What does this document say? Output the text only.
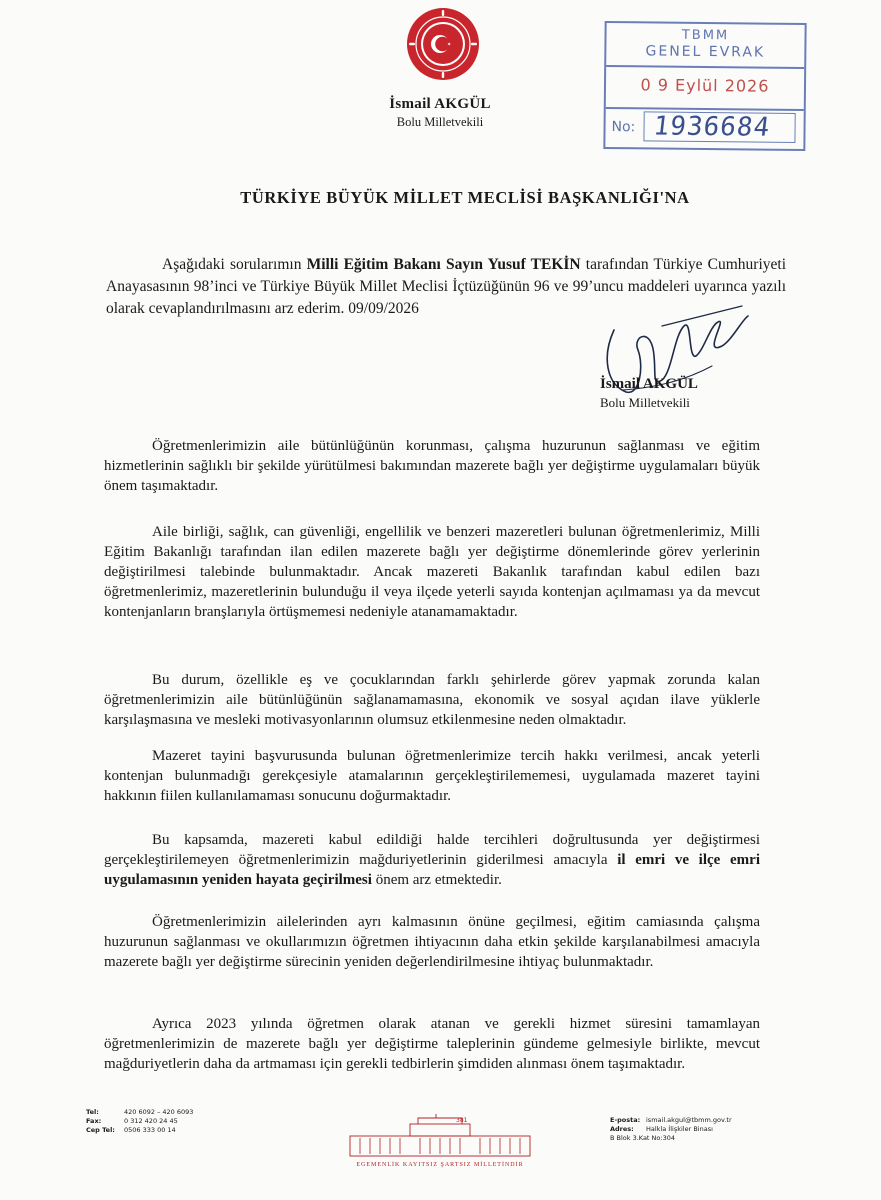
İsmail AKGÜL
Bolu Milletvekili
TBMM
GENEL EVRAK
0 9 Eylül 2026
No: 1936684
TÜRKİYE BÜYÜK MİLLET MECLİSİ BAŞKANLIĞI'NA
Aşağıdaki sorularımın Milli Eğitim Bakanı Sayın Yusuf TEKİN tarafından Türkiye Cumhuriyeti Anayasasının 98’inci ve Türkiye Büyük Millet Meclisi İçtüzüğünün 96 ve 99’uncu maddeleri uyarınca yazılı olarak cevaplandırılmasını arz ederim. 09/09/2026
İsmail AKGÜL
Bolu Milletvekili
Öğretmenlerimizin aile bütünlüğünün korunması, çalışma huzurunun sağlanması ve eğitim hizmetlerinin sağlıklı bir şekilde yürütülmesi bakımından mazerete bağlı yer değiştirme uygulamaları büyük önem taşımaktadır.
Aile birliği, sağlık, can güvenliği, engellilik ve benzeri mazeretleri bulunan öğretmenlerimiz, Milli Eğitim Bakanlığı tarafından ilan edilen mazerete bağlı yer değiştirme dönemlerinde görev yerlerinin değiştirilmesi talebinde bulunmaktadır. Ancak mazereti Bakanlık tarafından kabul edilen bazı öğretmenlerimiz, mazeretlerinin bulunduğu il veya ilçede yeterli sayıda kontenjan açılmaması ya da mevcut kontenjanların branşlarıyla örtüşmemesi nedeniyle atanamamaktadır.
Bu durum, özellikle eş ve çocuklarından farklı şehirlerde görev yapmak zorunda kalan öğretmenlerimizin aile bütünlüğünün sağlanamamasına, ekonomik ve sosyal açıdan ilave yüklerle karşılaşmasına ve mesleki motivasyonlarının olumsuz etkilenmesine neden olmaktadır.
Mazeret tayini başvurusunda bulunan öğretmenlerimize tercih hakkı verilmesi, ancak yeterli kontenjan bulunmadığı gerekçesiyle atamalarının gerçekleştirilememesi, uygulamada mazeret tayini hakkının fiilen kullanılamaması sonucunu doğurmaktadır.
Bu kapsamda, mazereti kabul edildiği halde tercihleri doğrultusunda yer değiştirmesi gerçekleştirilemeyen öğretmenlerimizin mağduriyetlerinin giderilmesi amacıyla il emri ve ilçe emri uygulamasının yeniden hayata geçirilmesi önem arz etmektedir.
Öğretmenlerimizin ailelerinden ayrı kalmasının önüne geçilmesi, eğitim camiasında çalışma huzurunun sağlanması ve okullarımızın öğretmen ihtiyacının daha etkin şekilde karşılanabilmesi amacıyla mazerete bağlı yer değiştirme sürecinin yeniden değerlendirilmesine ihtiyaç bulunmaktadır.
Ayrıca 2023 yılında öğretmen olarak atanan ve gerekli hizmet süresini tamamlayan öğretmenlerimizin de mazerete bağlı yer değiştirme taleplerinin gündeme gelmesiyle birlikte, mevcut mağduriyetlerin daha da artmaması için gerekli tedbirlerin şimdiden alınması önem taşımaktadır.
Tel:	420 6092 – 420 6093
Fax:	0 312 420 24 45
Cep Tel: 0506 333 00 14
381
EGEMENLİK KAYITSIZ ŞARTSIZ MİLLETİNDİR
E-posta: ismail.akgul@tbmm.gov.tr
Adres: Halkla İlişkiler Binası
B Blok 3.Kat No:304
